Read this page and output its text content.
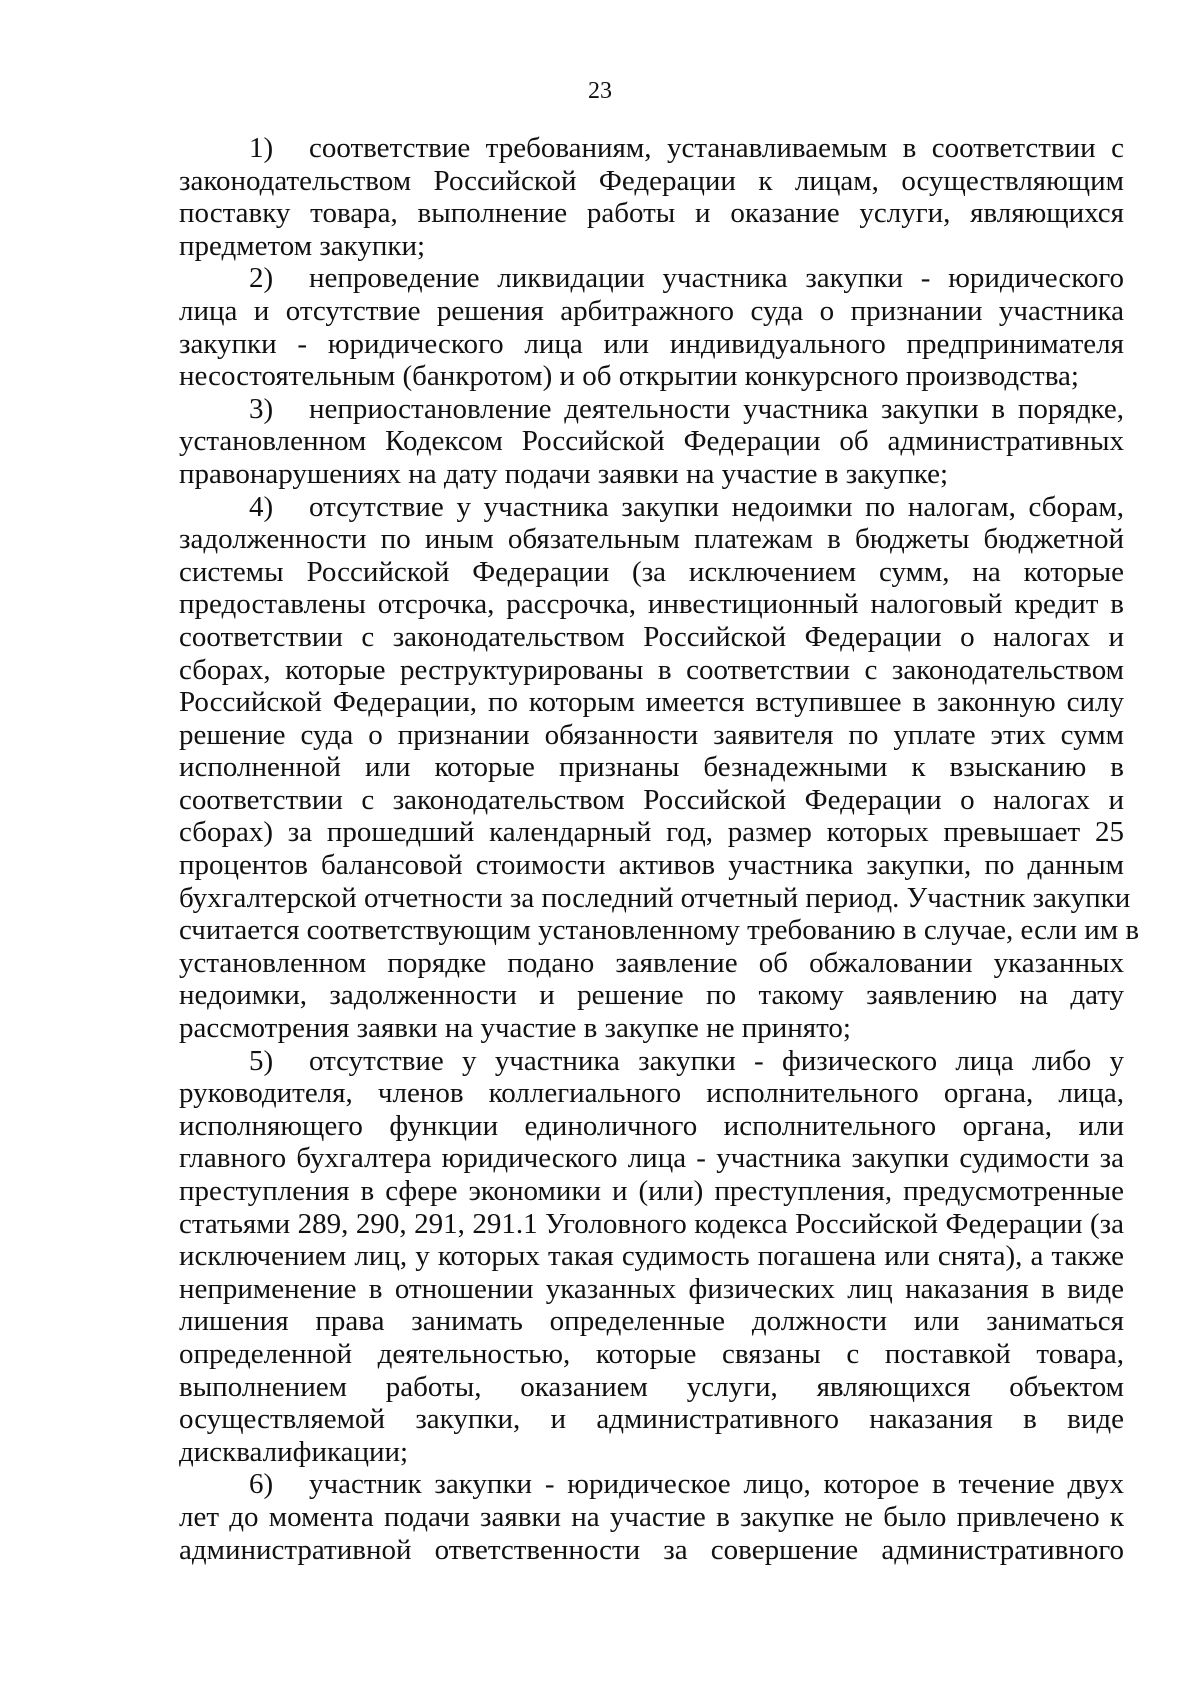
23
1) соответствие требованиям, устанавливаемым в соответствии с
законодательством Российской Федерации к лицам, осуществляющим
поставку товара, выполнение работы и оказание услуги, являющихся
предметом закупки;
2) непроведение ликвидации участника закупки - юридического
лица и отсутствие решения арбитражного суда о признании участника
закупки - юридического лица или индивидуального предпринимателя
несостоятельным (банкротом) и об открытии конкурсного производства;
3) неприостановление деятельности участника закупки в порядке,
установленном Кодексом Российской Федерации об административных
правонарушениях на дату подачи заявки на участие в закупке;
4) отсутствие у участника закупки недоимки по налогам, сборам,
задолженности по иным обязательным платежам в бюджеты бюджетной
системы Российской Федерации (за исключением сумм, на которые
предоставлены отсрочка, рассрочка, инвестиционный налоговый кредит в
соответствии с законодательством Российской Федерации о налогах и
сборах, которые реструктурированы в соответствии с законодательством
Российской Федерации, по которым имеется вступившее в законную силу
решение суда о признании обязанности заявителя по уплате этих сумм
исполненной или которые признаны безнадежными к взысканию в
соответствии с законодательством Российской Федерации о налогах и
сборах) за прошедший календарный год, размер которых превышает 25
процентов балансовой стоимости активов участника закупки, по данным
бухгалтерской отчетности за последний отчетный период. Участник закупки
считается соответствующим установленному требованию в случае, если им в
установленном порядке подано заявление об обжаловании указанных
недоимки, задолженности и решение по такому заявлению на дату
рассмотрения заявки на участие в закупке не принято;
5) отсутствие у участника закупки - физического лица либо у
руководителя, членов коллегиального исполнительного органа, лица,
исполняющего функции единоличного исполнительного органа, или
главного бухгалтера юридического лица - участника закупки судимости за
преступления в сфере экономики и (или) преступления, предусмотренные
статьями 289, 290, 291, 291.1 Уголовного кодекса Российской Федерации (за
исключением лиц, у которых такая судимость погашена или снята), а также
неприменение в отношении указанных физических лиц наказания в виде
лишения права занимать определенные должности или заниматься
определенной деятельностью, которые связаны с поставкой товара,
выполнением работы, оказанием услуги, являющихся объектом
осуществляемой закупки, и административного наказания в виде
дисквалификации;
6) участник закупки - юридическое лицо, которое в течение двух
лет до момента подачи заявки на участие в закупке не было привлечено к
административной ответственности за совершение административного
